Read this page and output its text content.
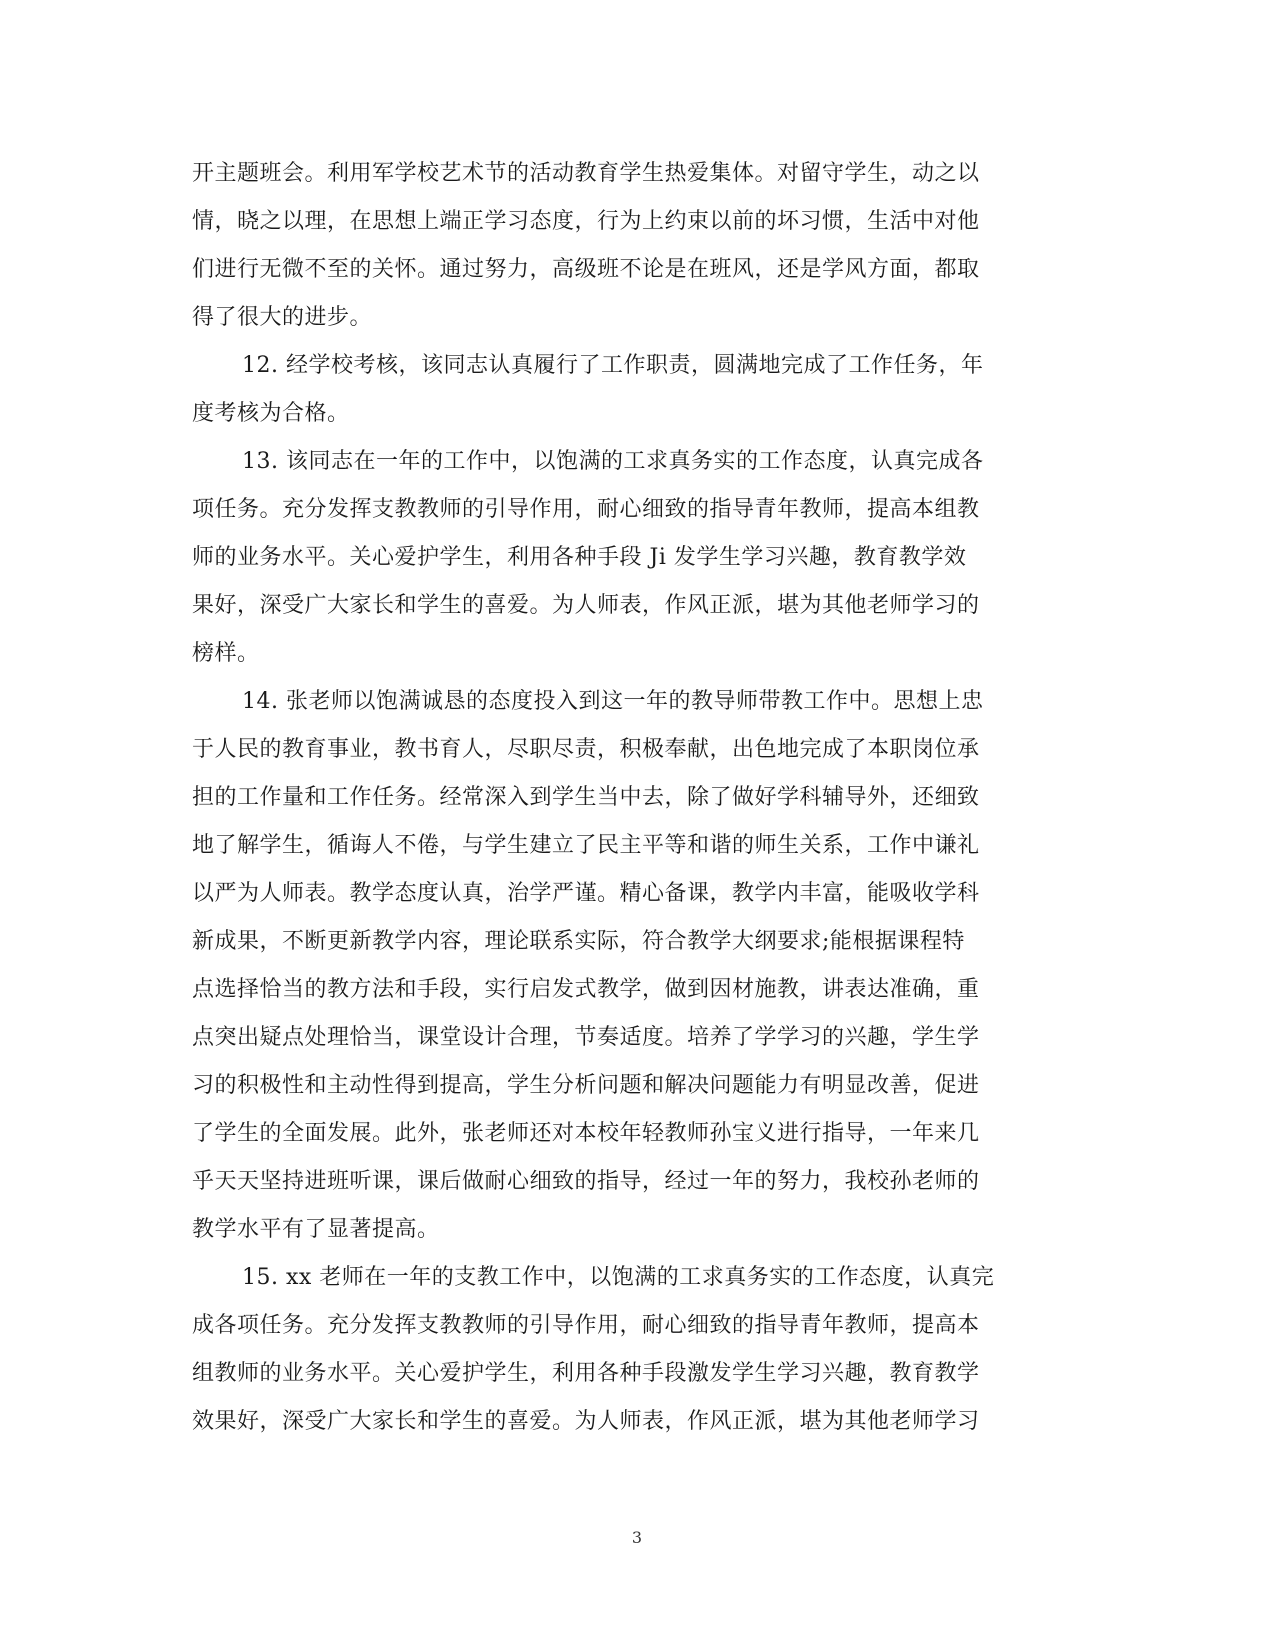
开主题班会。利用军学校艺术节的活动教育学生热爱集体。对留守学生，动之以
情，晓之以理，在思想上端正学习态度，行为上约束以前的坏习惯，生活中对他
们进行无微不至的关怀。通过努力，高级班不论是在班风，还是学风方面，都取
得了很大的进步。
12. 经学校考核，该同志认真履行了工作职责，圆满地完成了工作任务，年
度考核为合格。
13. 该同志在一年的工作中，以饱满的工求真务实的工作态度，认真完成各
项任务。充分发挥支教教师的引导作用，耐心细致的指导青年教师，提高本组教
师的业务水平。关心爱护学生，利用各种手段 Ji 发学生学习兴趣，教育教学效
果好，深受广大家长和学生的喜爱。为人师表，作风正派，堪为其他老师学习的
榜样。
14. 张老师以饱满诚恳的态度投入到这一年的教导师带教工作中。思想上忠
于人民的教育事业，教书育人，尽职尽责，积极奉献，出色地完成了本职岗位承
担的工作量和工作任务。经常深入到学生当中去，除了做好学科辅导外，还细致
地了解学生，循诲人不倦，与学生建立了民主平等和谐的师生关系，工作中谦礼
以严为人师表。教学态度认真，治学严谨。精心备课，教学内丰富，能吸收学科
新成果，不断更新教学内容，理论联系实际，符合教学大纲要求;能根据课程特
点选择恰当的教方法和手段，实行启发式教学，做到因材施教，讲表达准确，重
点突出疑点处理恰当，课堂设计合理，节奏适度。培养了学学习的兴趣，学生学
习的积极性和主动性得到提高，学生分析问题和解决问题能力有明显改善，促进
了学生的全面发展。此外，张老师还对本校年轻教师孙宝义进行指导，一年来几
乎天天坚持进班听课，课后做耐心细致的指导，经过一年的努力，我校孙老师的
教学水平有了显著提高。
15. xx 老师在一年的支教工作中，以饱满的工求真务实的工作态度，认真完
成各项任务。充分发挥支教教师的引导作用，耐心细致的指导青年教师，提高本
组教师的业务水平。关心爱护学生，利用各种手段激发学生学习兴趣，教育教学
效果好，深受广大家长和学生的喜爱。为人师表，作风正派，堪为其他老师学习
3
